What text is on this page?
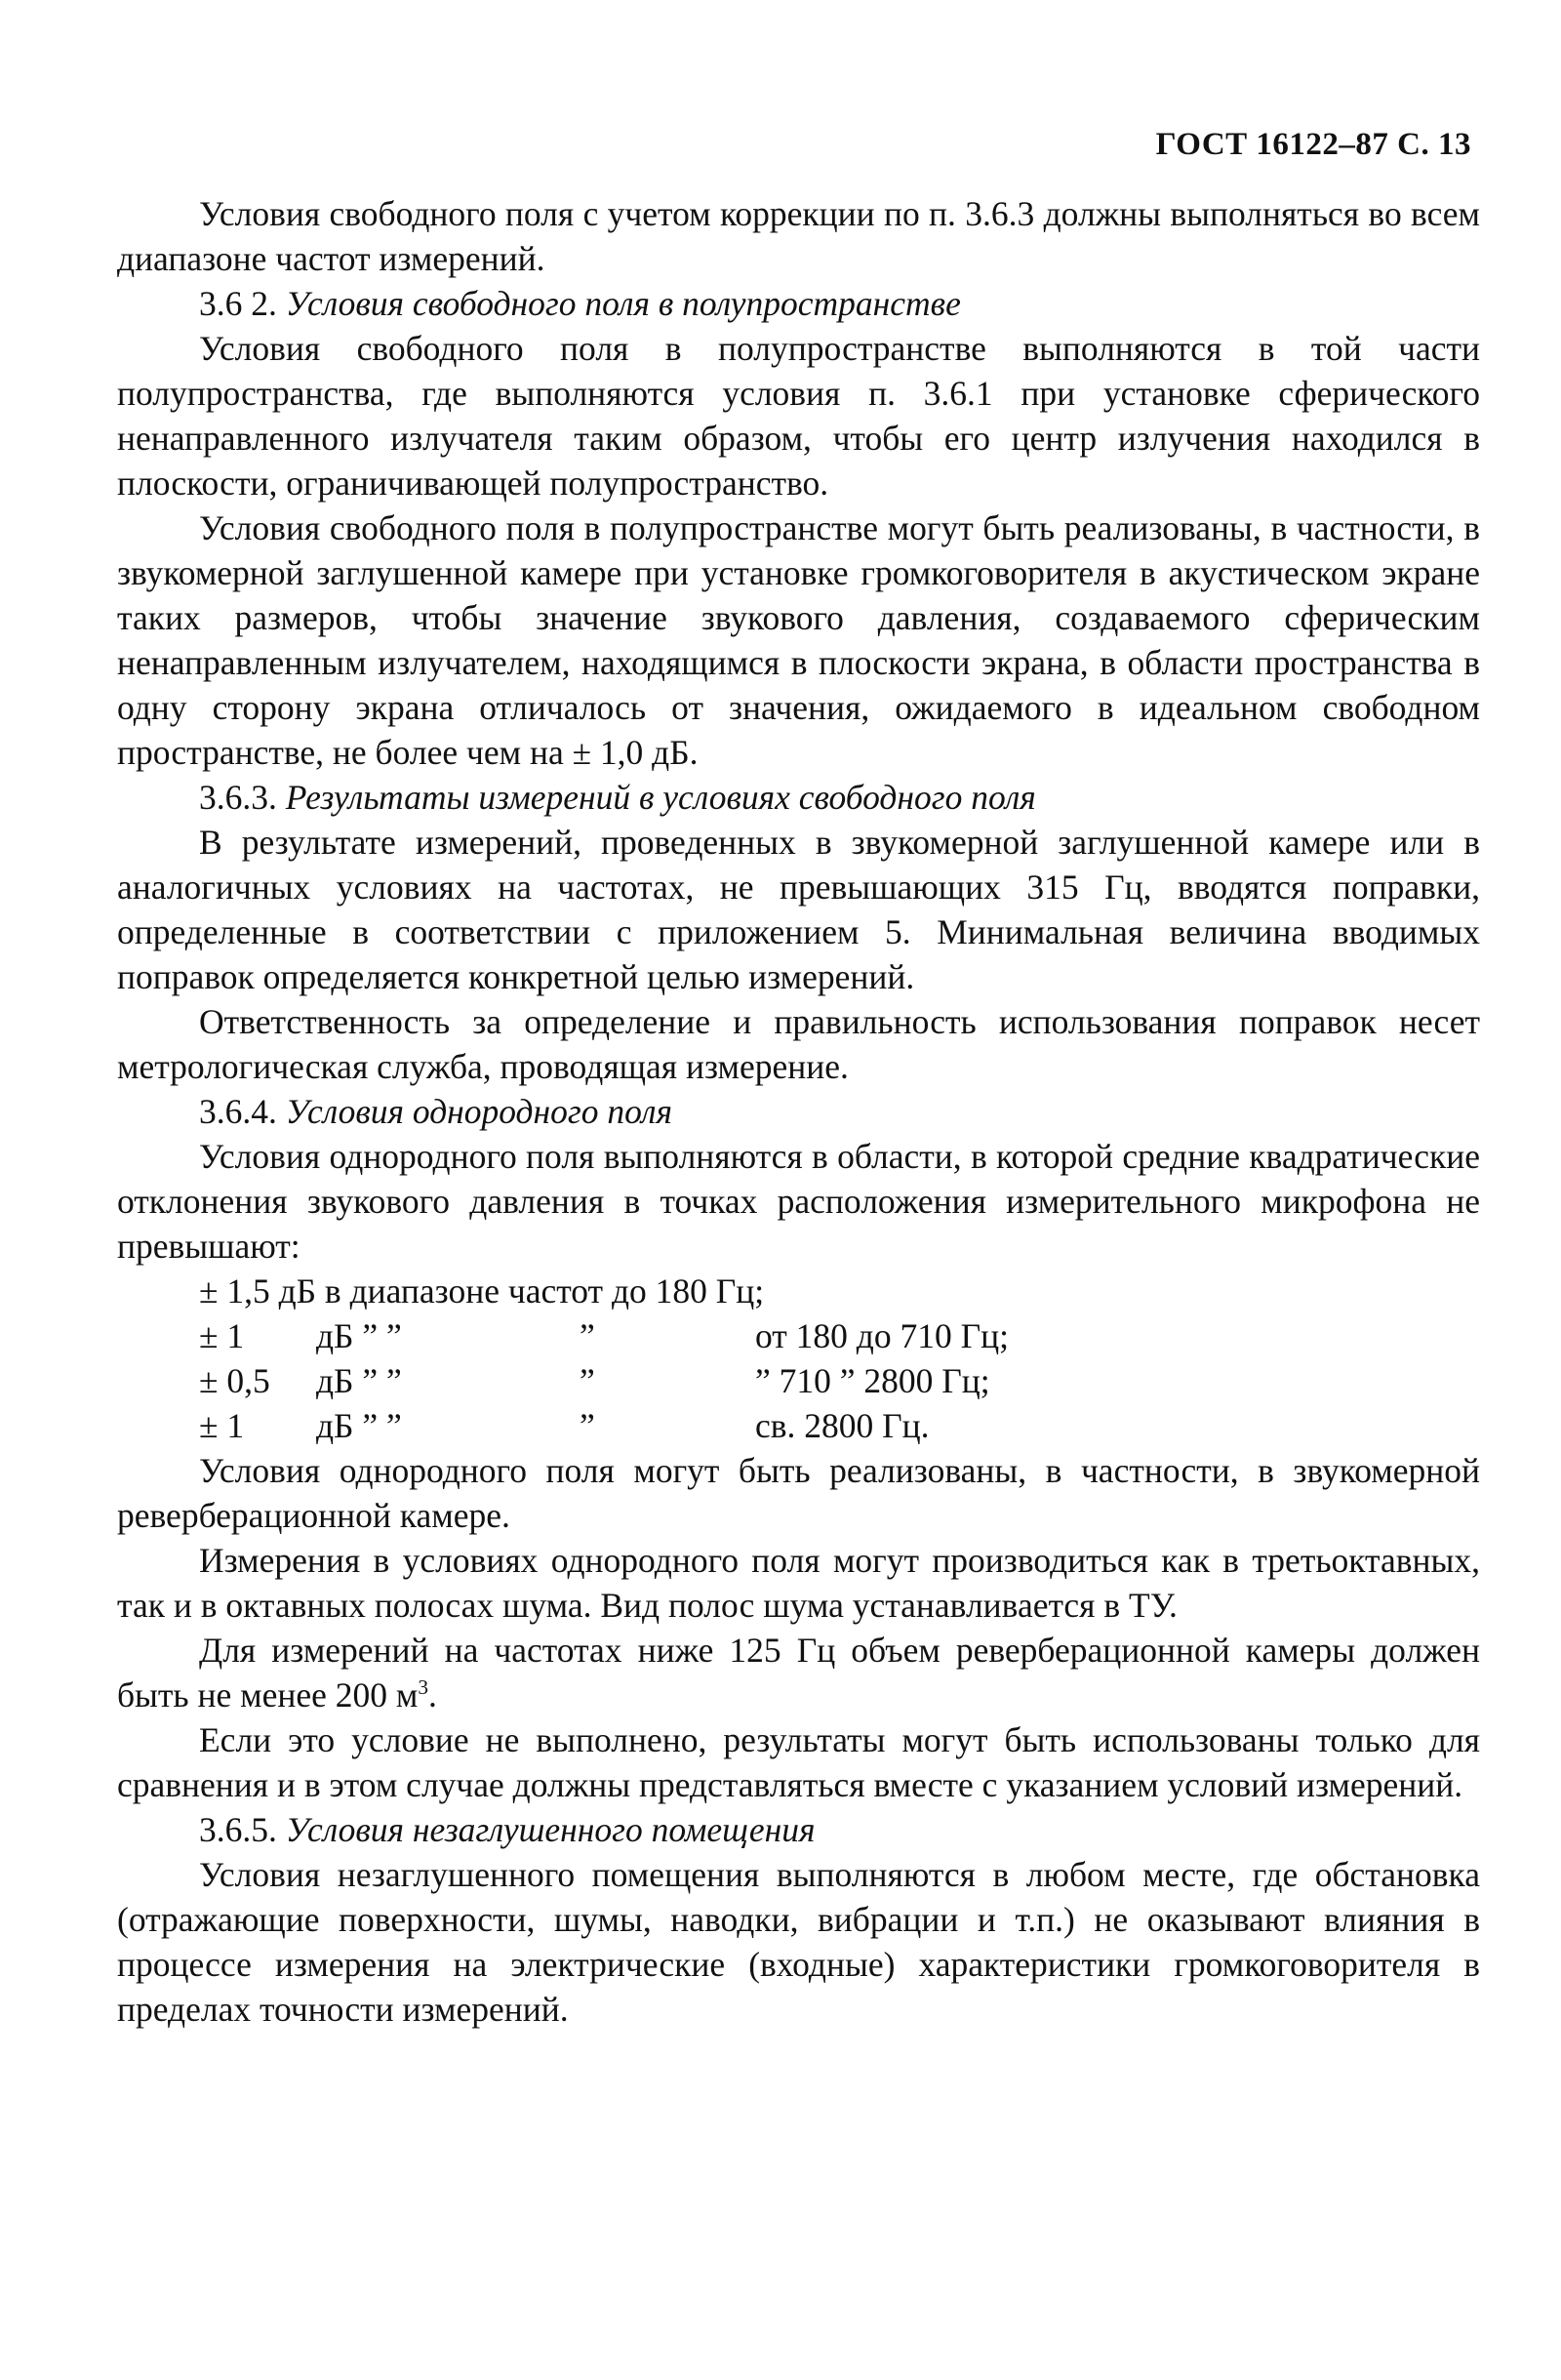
ГОСТ 16122–87 С. 13

Условия свободного поля с учетом коррекции по п. 3.6.3 должны выполняться во всем диапазоне частот измерений.

3.6 2. Условия свободного поля в полупространстве

Условия свободного поля в полупространстве выполняются в той части полупространства, где выполняются условия п. 3.6.1 при установке сферического ненаправленного излучателя таким образом, чтобы его центр излучения находился в плоскости, ограничивающей полупространство.

Условия свободного поля в полупространстве могут быть реализованы, в частности, в звукомерной заглушенной камере при установке громкоговорителя в акустическом экране таких размеров, чтобы значение звукового давления, создаваемого сферическим ненаправленным излучателем, находящимся в плоскости экрана, в области пространства в одну сторону экрана отличалось от значения, ожидаемого в идеальном свободном пространстве, не более чем на ± 1,0 дБ.

3.6.3. Результаты измерений в условиях свободного поля

В результате измерений, проведенных в звукомерной заглушенной камере или в аналогичных условиях на частотах, не превышающих 315 Гц, вводятся поправки, определенные в соответствии с приложением 5. Минимальная величина вводимых поправок определяется конкретной целью измерений.

Ответственность за определение и правильность использования поправок несет метрологическая служба, проводящая измерение.

3.6.4. Условия однородного поля

Условия однородного поля выполняются в области, в которой средние квадратические отклонения звукового давления в точках расположения измерительного микрофона не превышают:

± 1,5 дБ в диапазоне частот до 180 Гц;
± 1	дБ ” ”	”	от 180 до 710 Гц;
± 0,5	дБ ” ”	”	” 710 ” 2800 Гц;
± 1	дБ ” ”	”	св. 2800 Гц.

Условия однородного поля могут быть реализованы, в частности, в звукомерной реверберационной камере.

Измерения в условиях однородного поля могут производиться как в третьоктавных, так и в октавных полосах шума. Вид полос шума устанавливается в ТУ.

Для измерений на частотах ниже 125 Гц объем реверберационной камеры должен быть не менее 200 $м^3$.

Если это условие не выполнено, результаты могут быть использованы только для сравнения и в этом случае должны представляться вместе с указанием условий измерений.

3.6.5. Условия незаглушенного помещения

Условия незаглушенного помещения выполняются в любом месте, где обстановка (отражающие поверхности, шумы, наводки, вибрации и т.п.) не оказывают влияния в процессе измерения на электрические (входные) характеристики громкоговорителя в пределах точности измерений.
